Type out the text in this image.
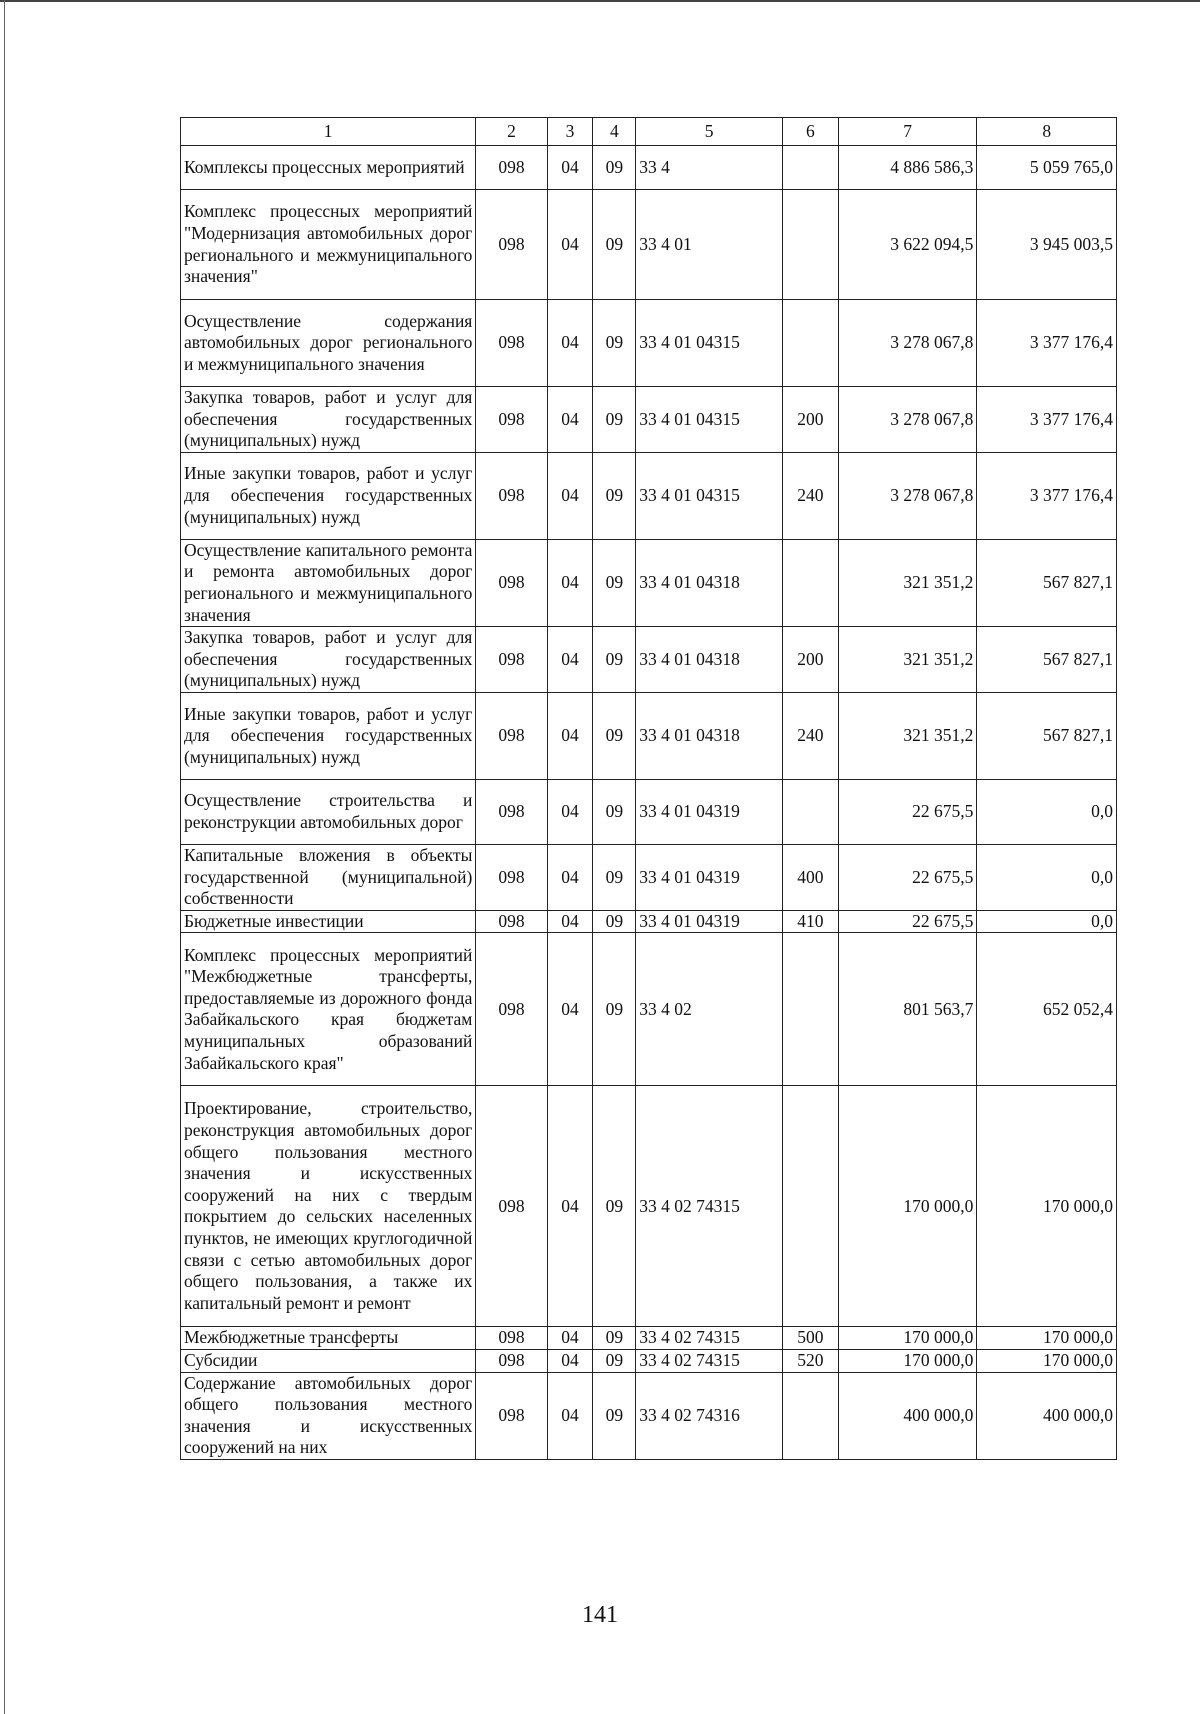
1	2	3	4	5	6	7	8
Комплексы процессных мероприятий	098	04	09	33 4		4 886 586,3	5 059 765,0
Комплекс процессных мероприятий "Модернизация автомобильных дорог регионального и межмуниципального значения"	098	04	09	33 4 01		3 622 094,5	3 945 003,5
Осуществление содержания автомобильных дорог регионального и межмуниципального значения	098	04	09	33 4 01 04315		3 278 067,8	3 377 176,4
Закупка товаров, работ и услуг для обеспечения государственных (муниципальных) нужд	098	04	09	33 4 01 04315	200	3 278 067,8	3 377 176,4
Иные закупки товаров, работ и услуг для обеспечения государственных (муниципальных) нужд	098	04	09	33 4 01 04315	240	3 278 067,8	3 377 176,4
Осуществление капитального ремонта и ремонта автомобильных дорог регионального и межмуниципального значения	098	04	09	33 4 01 04318		321 351,2	567 827,1
Закупка товаров, работ и услуг для обеспечения государственных (муниципальных) нужд	098	04	09	33 4 01 04318	200	321 351,2	567 827,1
Иные закупки товаров, работ и услуг для обеспечения государственных (муниципальных) нужд	098	04	09	33 4 01 04318	240	321 351,2	567 827,1
Осуществление строительства и реконструкции автомобильных дорог	098	04	09	33 4 01 04319		22 675,5	0,0
Капитальные вложения в объекты государственной (муниципальной) собственности	098	04	09	33 4 01 04319	400	22 675,5	0,0
Бюджетные инвестиции	098	04	09	33 4 01 04319	410	22 675,5	0,0
Комплекс процессных мероприятий "Межбюджетные трансферты, предоставляемые из дорожного фонда Забайкальского края бюджетам муниципальных образований Забайкальского края"	098	04	09	33 4 02		801 563,7	652 052,4
Проектирование, строительство, реконструкция автомобильных дорог общего пользования местного значения и искусственных сооружений на них с твердым покрытием до сельских населенных пунктов, не имеющих круглогодичной связи с сетью автомобильных дорог общего пользования, а также их капитальный ремонт и ремонт	098	04	09	33 4 02 74315		170 000,0	170 000,0
Межбюджетные трансферты	098	04	09	33 4 02 74315	500	170 000,0	170 000,0
Субсидии	098	04	09	33 4 02 74315	520	170 000,0	170 000,0
Содержание автомобильных дорог общего пользования местного значения и искусственных сооружений на них	098	04	09	33 4 02 74316		400 000,0	400 000,0
141
